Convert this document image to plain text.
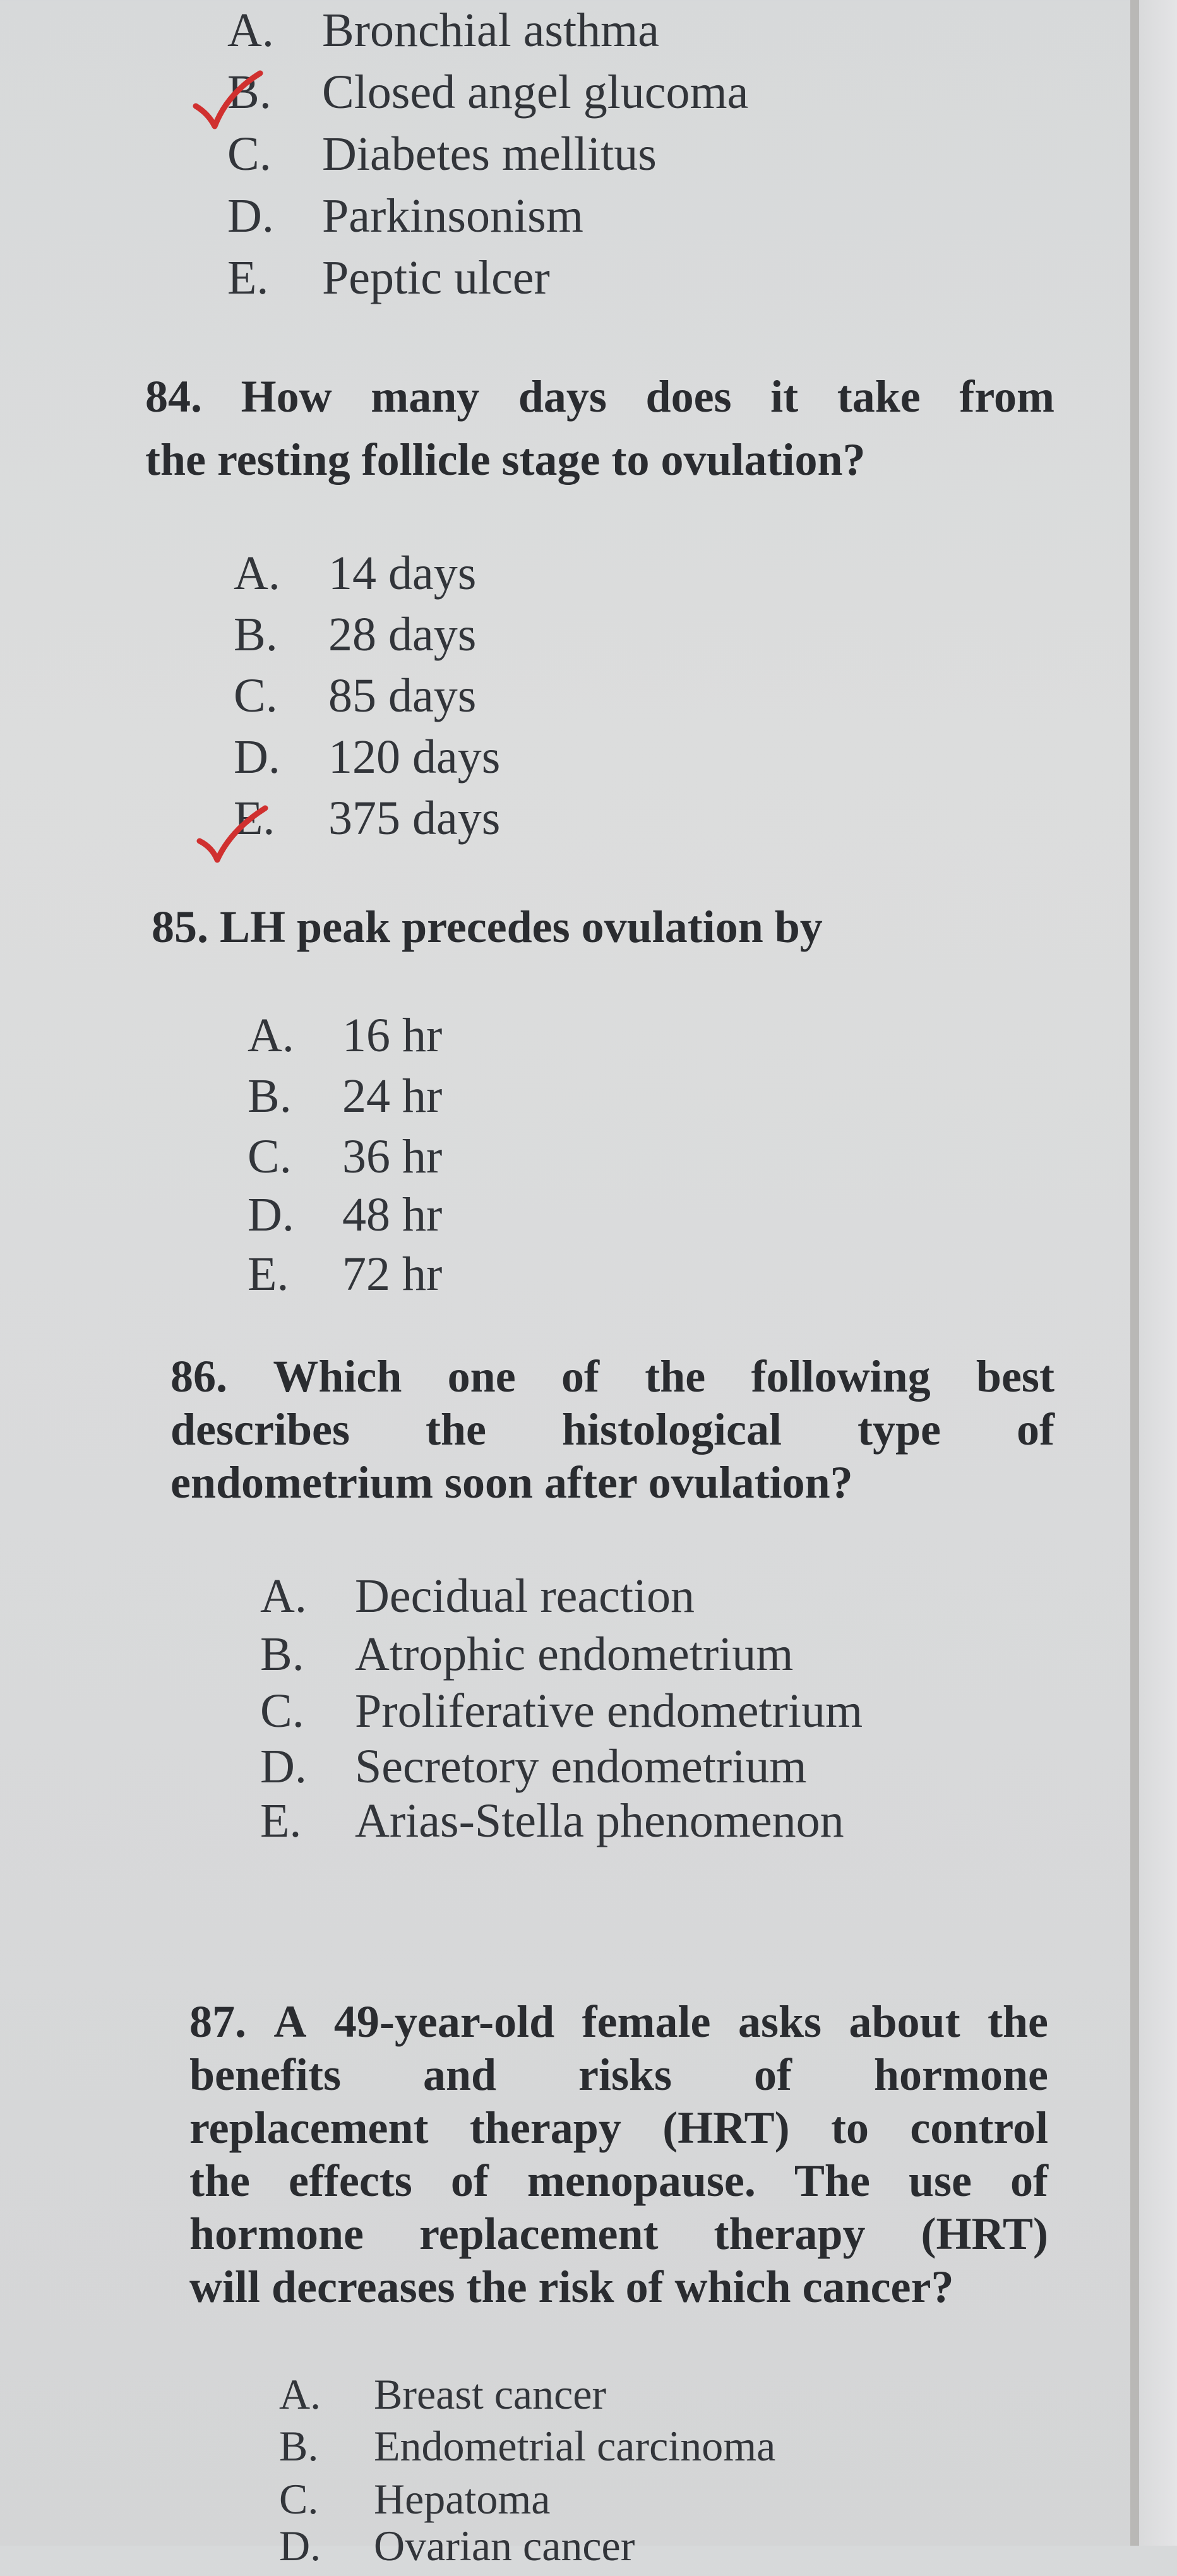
A. Bronchial asthma
B. Closed angel glucoma
C. Diabetes mellitus
D. Parkinsonism
E. Peptic ulcer
84. How many days does it take from
the resting follicle stage to ovulation?
A. 14 days
B. 28 days
C. 85 days
D. 120 days
E. 375 days
85. LH peak precedes ovulation by
A. 16 hr
B. 24 hr
C. 36 hr
D. 48 hr
E. 72 hr
86. Which one of the following best
describes the histological type of
endometrium soon after ovulation?
A. Decidual reaction
B. Atrophic endometrium
C. Proliferative endometrium
D. Secretory endometrium
E. Arias-Stella phenomenon
87. A 49-year-old female asks about the
benefits and risks of hormone
replacement therapy (HRT) to control
the effects of menopause. The use of
hormone replacement therapy (HRT)
will decreases the risk of which cancer?
A. Breast cancer
B. Endometrial carcinoma
C. Hepatoma
D. Ovarian cancer
